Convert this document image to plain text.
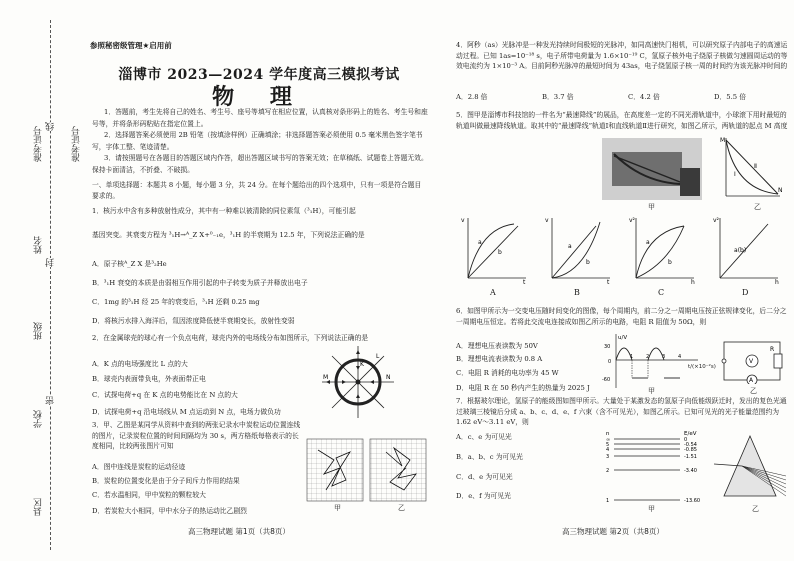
线
封
密
准考证号	准考证号
姓名
班级
学校
县区
参照秘密级管理★启用前
淄博市 2023—2024 学年度高三模拟考试
物 理
1．答题前，考生先将自己的姓名、考生号、座号等填写在相应位置，认真核对条形码上的姓名、考生号和座号等，并将条形码粘贴在指定位置上。
2．选择题答案必须使用 2B 铅笔（按填涂样例）正确填涂；非选择题答案必须使用 0.5 毫米黑色签字笔书写，字体工整、笔迹清楚。
3．请按照题号在各题目的答题区域内作答，超出答题区域书写的答案无效；在草稿纸、试题卷上答题无效。保持卡面清洁，不折叠、不破损。
一、单项选择题：本题共 8 小题，每小题 3 分，共 24 分。在每个题给出的四个选项中，只有一项是符合题目要求的。
1．核污水中含有多种放射性成分，其中有一种难以被清除的同位素氚（³₁H），可能引起
基因突变。其衰变方程为 ³₁H→ᴬ_Z X+⁰₋₁e，³₁H 的半衰期为 12.5 年，下列说法正确的是
A．原子核ᴬ_Z X 是³₂He
B．³₁H 衰变的本质是由弱相互作用引起的中子转变为质子并释放出电子
C．1mg 的³₁H 经 25 年的衰变后，³₁H 还剩 0.25 mg
D．将核污水排入海洋后，氚因浓度降低使半衰期变长，放射性变弱
2．在金属球壳的球心有一个负点电荷，球壳内外的电场线分布如图所示，下列说法正确的是
A．K 点的电场强度比 L 点的大
B．球壳内表面带负电，外表面带正电
C．试探电荷+q 在 K 点的电势能比在 N 点的大
D．试探电荷+q 沿电场线从 M 点运动到 N 点，电场力做负功
K
L
M	N
3．甲、乙图是某同学从资料中查到的两张记录水中炭粒运动位置连线的图片，记录炭粒位置的时间间隔均为 30 s，两方格纸每格表示的长度相同，比较两张图片可知
A．图中连线是炭粒的运动径迹
B．炭粒的位置变化是由于分子间斥力作用的结果
C．若水温相同，甲中炭粒的颗粒较大
D．若炭粒大小相同，甲中水分子的热运动比乙剧烈	甲	乙
高三物理试题 第1页（共8页）
4．阿秒（as）光脉冲是一种发光持续时间极短的光脉冲，如同高速快门相机，可以研究原子内部电子的高速运动过程。已知 1as=10⁻¹⁸ s，电子所带电荷量为 1.6×10⁻¹⁹ C，氢原子核外电子绕原子核做匀速圆周运动的等效电流约为 1×10⁻³ A。目前阿秒光脉冲的最短时间为 43as，电子绕氢原子核一周的时间约为该光脉冲时间的
A．2.8 倍	B．3.7 倍	C．4.2 倍	D．5.5 倍
5．图甲是淄博市科技馆的一件名为“最速降线”的展品，在高度差一定的不同光滑轨道中，小球滚下用时最短的轨道叫做最速降线轨道。取其中的“最速降线”轨道Ⅰ和直线轨道Ⅱ进行研究，如图乙所示，两轨道的起点 M 高度
甲
M
N
Ⅰ
Ⅱ
乙
v
t
a
b
v
t
a
b
v²
h
a
b
v²
h
a(b)
A	B	C	D
6．如图甲所示为一交变电压随时间变化的图像，每个周期内，前二分之一周期电压按正弦规律变化，后二分之一周期电压恒定。若将此交流电连接成如图乙所示的电路，电阻 R 阻值为 50Ω，则
A．理想电压表读数为 50V
B．理想电流表读数为 0.8 A
C．电阻 R 消耗的电功率为 45 W
D．电阻 R 在 50 秒内产生的热量为 2025 J
u/V
30
0
-60
1	2	3	4
t/(×10⁻²s)
甲
V
A
R
乙
7．根据玻尔理论，氢原子的能级图如图甲所示。大量处于某激发态的氢原子向低能级跃迁时，发出的复色光通过玻璃三棱镜后分成 a、b、c、d、e、f 六束（含不可见光），如图乙所示。已知可见光的光子能量范围约为 1.62 eV～3.11 eV，则
A．c、e 为可见光
B．a、b、c 为可见光
C．d、e 为可见光
D．e、f 为可见光
n	E/eV
∞	0
5	-0.54
4	-0.85
3	-1.51
2	-3.40
1	-13.60
甲	乙
高三物理试题 第2页（共8页）
